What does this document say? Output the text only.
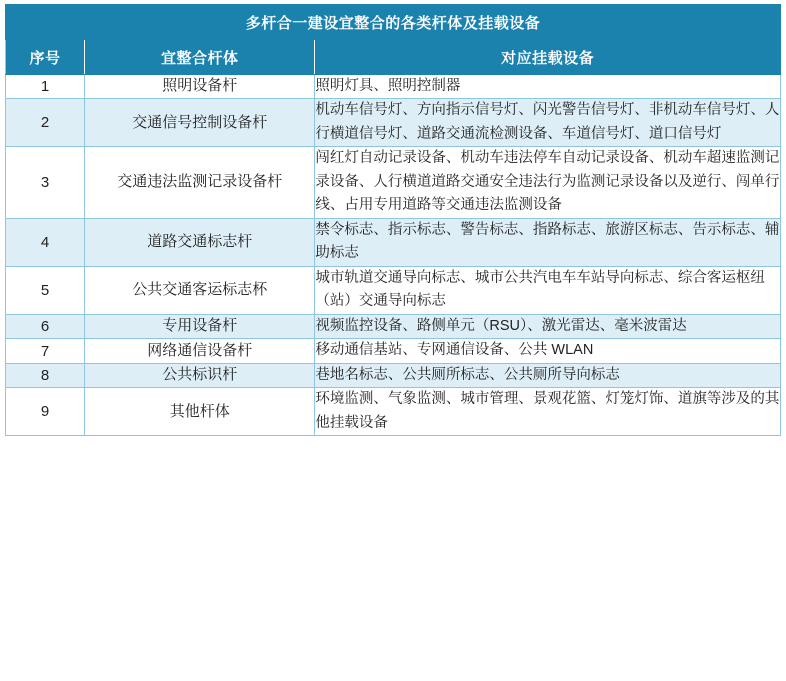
多杆合一建设宜整合的各类杆体及挂载设备		
序号	宜整合杆体	对应挂载设备
1	照明设备杆	照明灯具、照明控制器
2	交通信号控制设备杆	机动车信号灯、方向指示信号灯、闪光警告信号灯、非机动车信号灯、人行横道信号灯、道路交通流检测设备、车道信号灯、道口信号灯
3	交通违法监测记录设备杆	闯红灯自动记录设备、机动车违法停车自动记录设备、机动车超速监测记录设备、人行横道道路交通安全违法行为监测记录设备以及逆行、闯单行线、占用专用道路等交通违法监测设备
4	道路交通标志杆	禁令标志、指示标志、警告标志、指路标志、旅游区标志、告示标志、辅助标志
5	公共交通客运标志杯	城市轨道交通导向标志、城市公共汽电车车站导向标志、综合客运枢纽（站）交通导向标志
6	专用设备杆	视频监控设备、路侧单元（RSU）、激光雷达、毫米波雷达
7	网络通信设备杆	移动通信基站、专网通信设备、公共 WLAN
8	公共标识杆	巷地名标志、公共厕所标志、公共厕所导向标志
9	其他杆体	环境监测、气象监测、城市管理、景观花篮、灯笼灯饰、道旗等涉及的其他挂载设备
